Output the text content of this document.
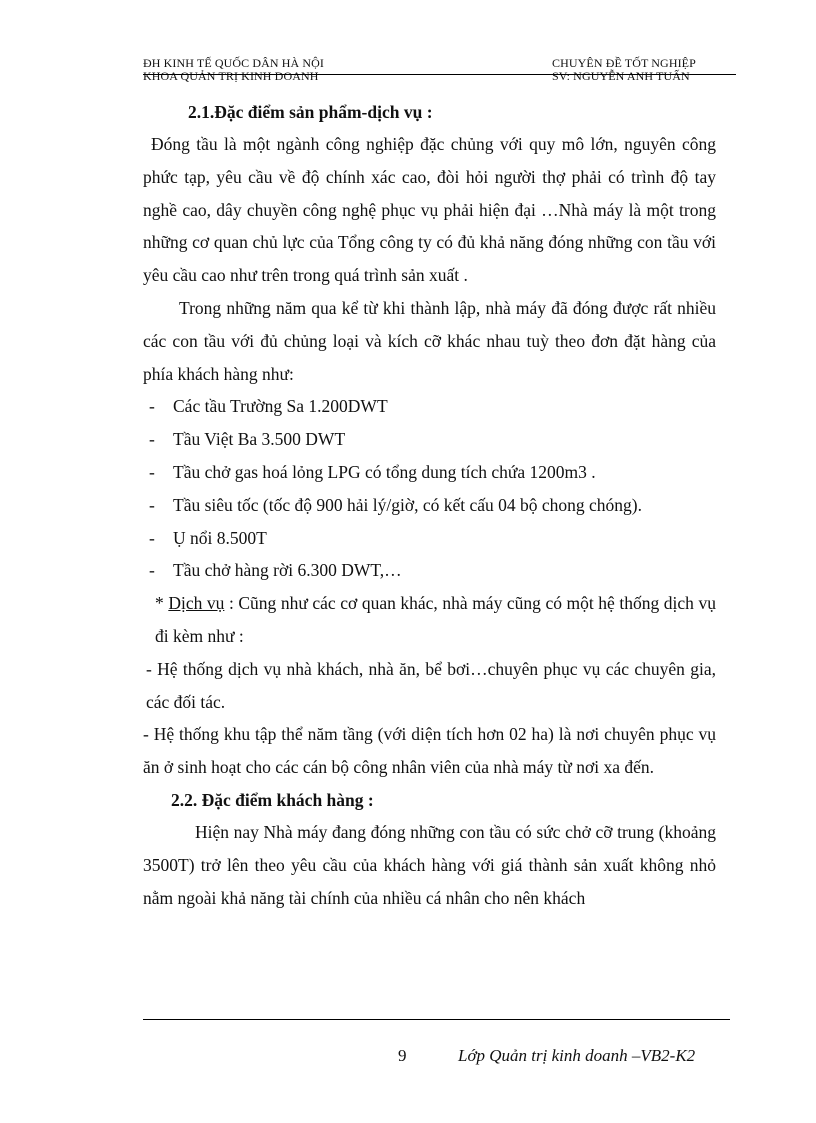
ĐH KINH TẾ QUỐC DÂN HÀ NỘI
KHOA QUẢN TRỊ KINH DOANH
CHUYÊN ĐỀ TỐT NGHIỆP
SV: NGUYỄN ANH TUẤN

2.1.Đặc điểm sản phẩm-dịch vụ :

Đóng tầu là một ngành công nghiệp đặc chủng với quy mô lớn, nguyên công phức tạp, yêu cầu về độ chính xác cao, đòi hỏi người thợ phải có trình độ tay nghề cao, dây chuyền công nghệ phục vụ phải hiện đại …Nhà máy là một trong những cơ quan chủ lực của Tổng công ty có đủ khả năng đóng những con tầu với yêu cầu cao như trên trong quá trình sản xuất .

Trong những năm qua kể từ khi thành lập, nhà máy đã đóng được rất nhiều các con tầu với đủ chủng loại và kích cỡ khác nhau tuỳ theo đơn đặt hàng của phía khách hàng như:

- Các tầu Trường Sa 1.200DWT

- Tầu Việt Ba 3.500 DWT

- Tầu chở gas hoá lỏng LPG có tổng dung tích chứa 1200m3 .

- Tầu siêu tốc (tốc độ 900 hải lý/giờ, có kết cấu 04 bộ chong chóng).

- Ụ nổi 8.500T

- Tầu chở hàng rời 6.300 DWT,…

* Dịch vụ : Cũng như các cơ quan khác, nhà máy cũng có một hệ thống dịch vụ đi kèm như :

- Hệ thống dịch vụ nhà khách, nhà ăn, bể bơi…chuyên phục vụ các chuyên gia, các đối tác.

- Hệ thống khu tập thể năm tầng (với diện tích hơn 02 ha) là nơi chuyên phục vụ ăn ở sinh hoạt cho các cán bộ công nhân viên của nhà máy từ nơi xa đến.

2.2. Đặc điểm khách hàng :

Hiện nay Nhà máy đang đóng những con tầu có sức chở cỡ trung (khoảng 3500T) trở lên theo yêu cầu của khách hàng với giá thành sản xuất không nhỏ nằm ngoài khả năng tài chính của nhiều cá nhân cho nên khách

9	Lớp Quản trị kinh doanh –VB2-K2
